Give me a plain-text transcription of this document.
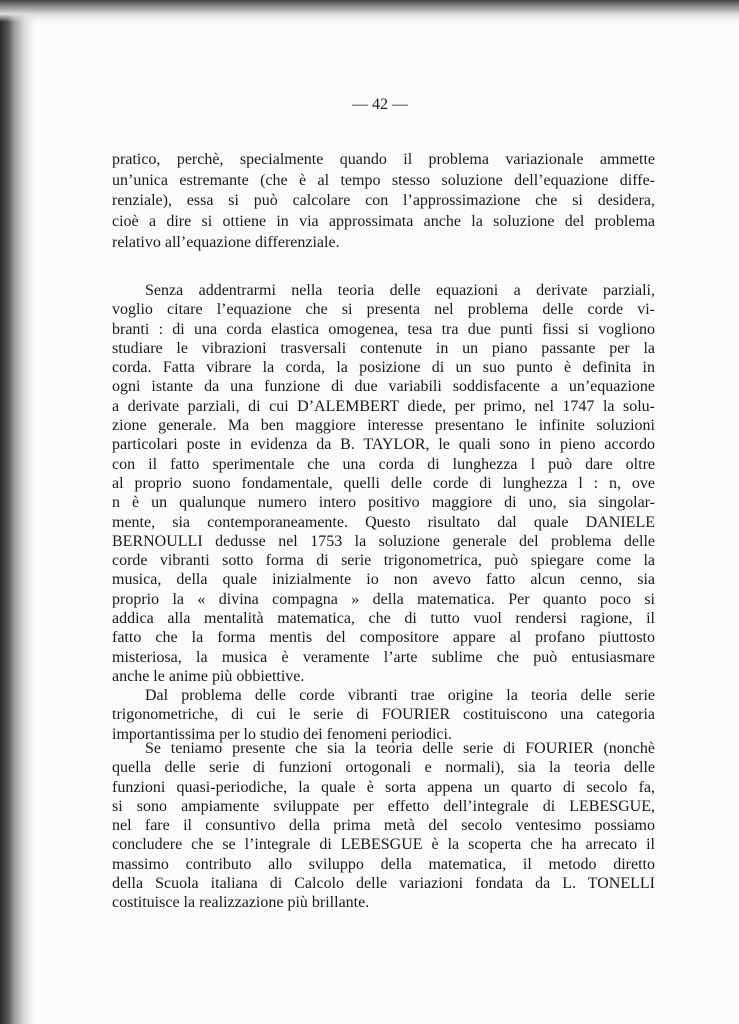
— 42 —
pratico, perchè, specialmente quando il problema variazionale ammette
un’unica estremante (che è al tempo stesso soluzione dell’equazione diffe-
renziale), essa si può calcolare con l’approssimazione che si desidera,
cioè a dire si ottiene in via approssimata anche la soluzione del problema
relativo all’equazione differenziale.
Senza addentrarmi nella teoria delle equazioni a derivate parziali,
voglio citare l’equazione che si presenta nel problema delle corde vi-
branti : di una corda elastica omogenea, tesa tra due punti fissi si vogliono
studiare le vibrazioni trasversali contenute in un piano passante per la
corda. Fatta vibrare la corda, la posizione di un suo punto è definita in
ogni istante da una funzione di due variabili soddisfacente a un’equazione
a derivate parziali, di cui D’ALEMBERT diede, per primo, nel 1747 la solu-
zione generale. Ma ben maggiore interesse presentano le infinite soluzioni
particolari poste in evidenza da B. TAYLOR, le quali sono in pieno accordo
con il fatto sperimentale che una corda di lunghezza l può dare oltre
al proprio suono fondamentale, quelli delle corde di lunghezza l : n, ove
n è un qualunque numero intero positivo maggiore di uno, sia singolar-
mente, sia contemporaneamente. Questo risultato dal quale DANIELE
BERNOULLI dedusse nel 1753 la soluzione generale del problema delle
corde vibranti sotto forma di serie trigonometrica, può spiegare come la
musica, della quale inizialmente io non avevo fatto alcun cenno, sia
proprio la « divina compagna » della matematica. Per quanto poco si
addica alla mentalità matematica, che di tutto vuol rendersi ragione, il
fatto che la forma mentis del compositore appare al profano piuttosto
misteriosa, la musica è veramente l’arte sublime che può entusiasmare
anche le anime più obbiettive.
Dal problema delle corde vibranti trae origine la teoria delle serie
trigonometriche, di cui le serie di FOURIER costituiscono una categoria
importantissima per lo studio dei fenomeni periodici.
Se teniamo presente che sia la teoria delle serie di FOURIER (nonchè
quella delle serie di funzioni ortogonali e normali), sia la teoria delle
funzioni quasi-periodiche, la quale è sorta appena un quarto di secolo fa,
si sono ampiamente sviluppate per effetto dell’integrale di LEBESGUE,
nel fare il consuntivo della prima metà del secolo ventesimo possiamo
concludere che se l’integrale di LEBESGUE è la scoperta che ha arrecato il
massimo contributo allo sviluppo della matematica, il metodo diretto
della Scuola italiana di Calcolo delle variazioni fondata da L. TONELLI
costituisce la realizzazione più brillante.
